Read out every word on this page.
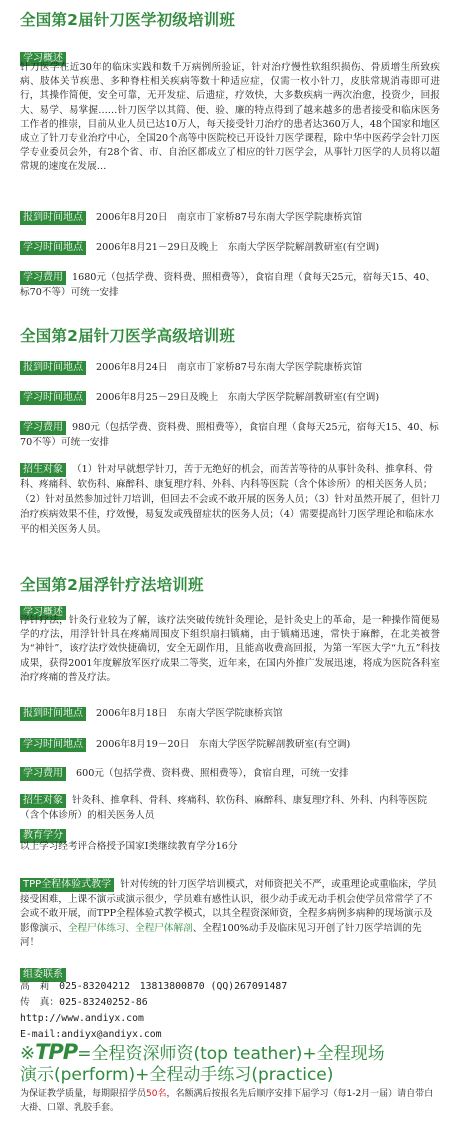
全国第2届针刀医学初级培训班
学习概述
针刀医学在近30年的临床实践和数千万病例所验证，针对治疗慢性软组织损伤、骨质增生所致疾病、肢体关节疾患、多种脊柱相关疾病等数十种适应症，仅需一枚小针刀，皮肤常规消毒即可进行，其操作简便，安全可靠，无开发症、后遗症，疗效快，大多数疾病一两次治愈，投资少，回报大、易学、易掌握……针刀医学以其简、便、验、廉的特点得到了越来越多的患者接受和临床医务工作者的推崇，目前从业人员已达10万人，每天接受针刀治疗的患者达360万人，48个国家和地区成立了针刀专业治疗中心，全国20个高等中医院校已开设针刀医学课程，除中华中医药学会针刀医学专业委员会外，有28个省、市、自治区都成立了相应的针刀医学会，从事针刀医学的人员将以超常规的速度在发展…
报到时间地点 2006年8月20日　南京市丁家桥87号东南大学医学院康桥宾馆
学习时间地点 2006年8月21－29日及晚上　东南大学医学院解剖教研室(有空调)
学习费用 1680元（包括学费、资料费、照相费等），食宿自理（食每天25元，宿每天15、40、标70不等）可统一安排
全国第2届针刀医学高级培训班
报到时间地点 2006年8月24日　南京市丁家桥87号东南大学医学院康桥宾馆
学习时间地点 2006年8月25－29日及晚上　东南大学医学院解剖教研室(有空调)
学习费用 980元（包括学费、资料费、照相费等），食宿自理（食每天25元，宿每天15、40、标70不等）可统一安排
招生对象 （1）针对早就想学针刀，苦于无绝好的机会，而苦苦等待的从事针灸科、推拿科、骨科、疼痛科、软伤科、麻醉科、康复理疗科、外科、内科等医院（含个体诊所）的相关医务人员；（2）针对虽然参加过针刀培训，但回去不会或不敢开展的医务人员；（3）针对虽然开展了，但针刀治疗疾病效果不佳，疗效慢，易复发或残留症状的医务人员；（4）需要提高针刀医学理论和临床水平的相关医务人员。
全国第2届浮针疗法培训班
学习概述
浮针疗法，针灸行业较为了解，该疗法突破传统针灸理论，是针灸史上的革命，是一种操作简便易学的疗法，用浮针针具在疼痛周围皮下组织扇扫镇痛，由于镇痛迅速，常快于麻醉，在北美被誉为“神针”，该疗法疗效快捷确切，安全无副作用，且能高收费高回报，为第一军医大学“九五”科技成果，获得2001年度解放军医疗成果二等奖，近年来，在国内外推广发展迅速，将成为医院各科室治疗疼痛的普及疗法。
报到时间地点 2006年8月18日　东南大学医学院康桥宾馆
学习时间地点 2006年8月19－20日　东南大学医学院解剖教研室(有空调)
学习费用 600元（包括学费、资料费、照相费等），食宿自理，可统一安排
招生对象 针灸科、推拿科、骨科、疼痛科、软伤科、麻醉科、康复理疗科、外科、内科等医院（含个体诊所）的相关医务人员
教育学分
以上学习经考评合格授予国家Ⅰ类继续教育学分16分
TPP全程体验式教学 针对传统的针刀医学培训模式，对师资把关不严，或重理论或重临床，学员接受困难，上课不演示或演示很少，学员难有感性认识，很少动手或无动手机会使学员常常学了不会或不敢开展，而TPP全程体验式教学模式，以其全程资深师资，全程多病例多病种的现场演示及影像演示、全程尸体练习、全程尸体解剖、全程100%动手及临床见习开创了针刀医学培训的先河！
组委联系
高　莉　025-83204212　13813800870 (QQ)267091487
传　真：025-83240252-86
http://www.andiyx.com
E-mail:andiyx@andiyx.com
※TPP=全程资深师资(top teather)+全程现场
演示(perform)+全程动手练习(practice)
为保证教学质量，每期限招学员50名，名额满后按报名先后顺序安排下届学习（每1-2月一届）请自带白大褂、口罩、乳胶手套。
